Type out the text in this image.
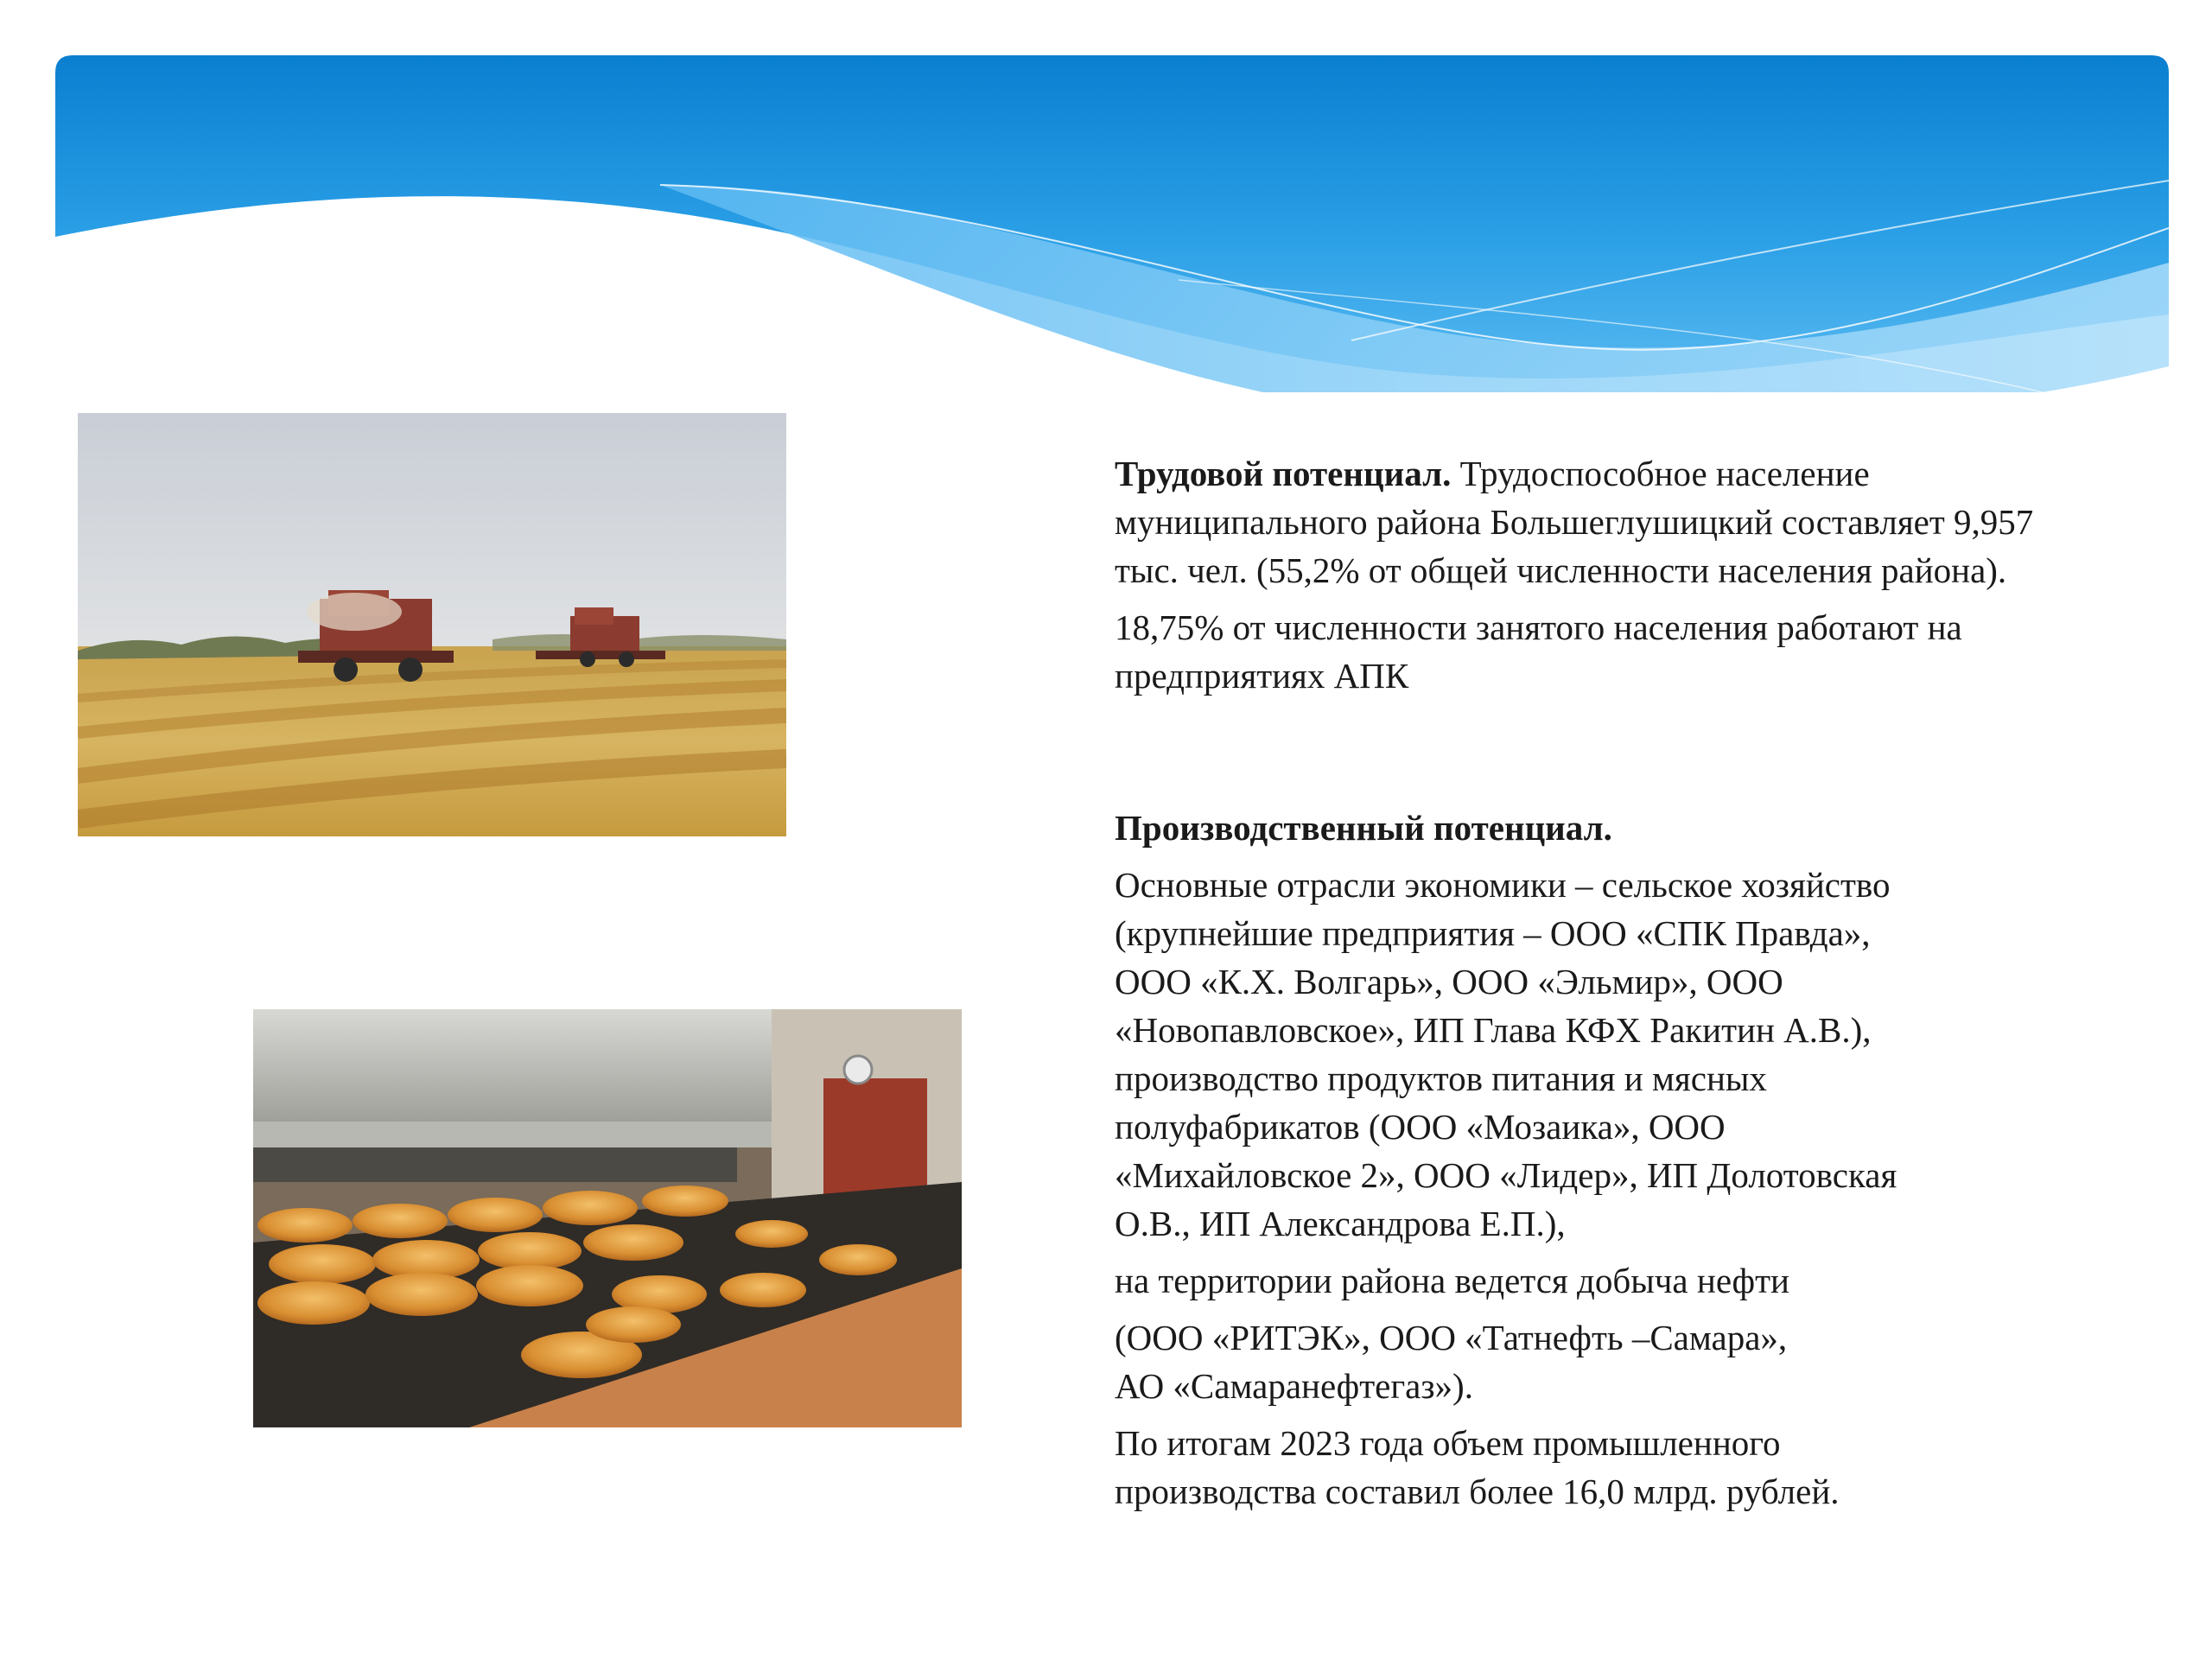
Трудовой потенциал. Трудоспособное население муниципального района Большеглушицкий составляет 9,957 тыс. чел. (55,2% от общей численности населения района).

18,75% от численности занятого населения работают на предприятиях АПК

Производственный потенциал.

Основные отрасли экономики – сельское хозяйство
(крупнейшие предприятия – ООО «СПК Правда»,
ООО «К.Х. Волгарь», ООО «Эльмир», ООО
«Новопавловское», ИП Глава КФХ Ракитин А.В.),
производство продуктов питания и мясных
полуфабрикатов (ООО «Мозаика», ООО
«Михайловское 2», ООО «Лидер», ИП Долотовская
О.В., ИП Александрова Е.П.),

на территории района ведется добыча нефти

(ООО «РИТЭК», ООО «Татнефть –Самара»,
АО «Самаранефтегаз»).

По итогам 2023 года объем промышленного
производства составил более 16,0 млрд. рублей.
